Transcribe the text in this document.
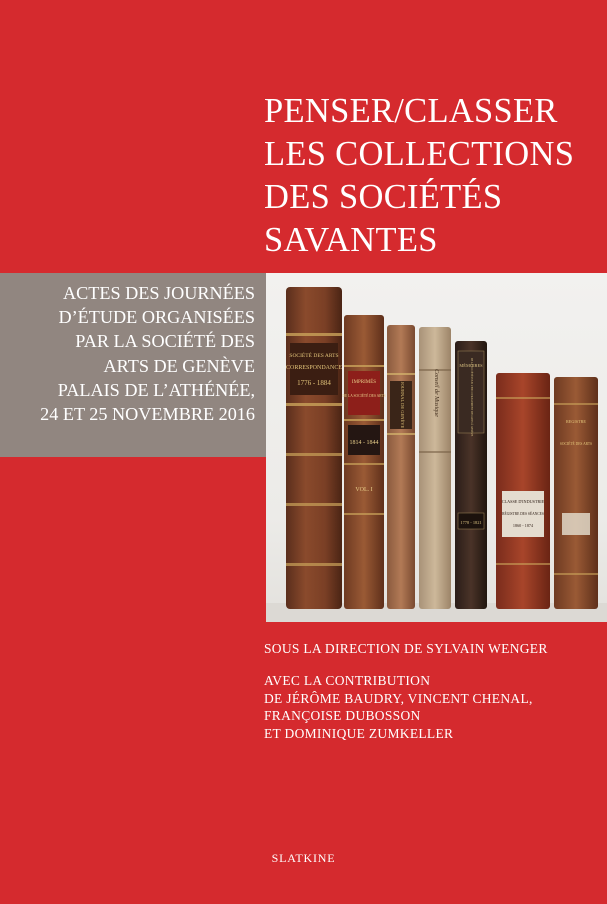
PENSER/CLASSER
LES COLLECTIONS
DES SOCIÉTÉS
SAVANTES
ACTES DES JOURNÉES
D’ÉTUDE ORGANISÉES
PAR LA SOCIÉTÉ DES
ARTS DE GENÈVE
PALAIS DE L’ATHÉNÉE,
24 ET 25 NOVEMBRE 2016
SOCIÉTÉ DES ARTS
CORRESPONDANCE
1776 - 1884	IMPRIMÉS
DE LA SOCIÉTÉ DES ARTS
1814 - 1844
VOL. I
JOURNAL DE GENÈVE	Conseil de Musique
MÉMOIRES
DE LA SOCIÉTÉ POUR L'ENCOURAGEMENT DES ARTS À GENÈVE
1778 - 1821
CLASSE D'INDUSTRIE
RÉGISTRE DES SÉANCES
1860 - 1874
REGISTRE
SOCIÉTÉ DES ARTS
SOUS LA DIRECTION DE SYLVAIN WENGER
AVEC LA CONTRIBUTION
DE JÉRÔME BAUDRY, VINCENT CHENAL,
FRANÇOISE DUBOSSON
ET DOMINIQUE ZUMKELLER
SLATKINE
